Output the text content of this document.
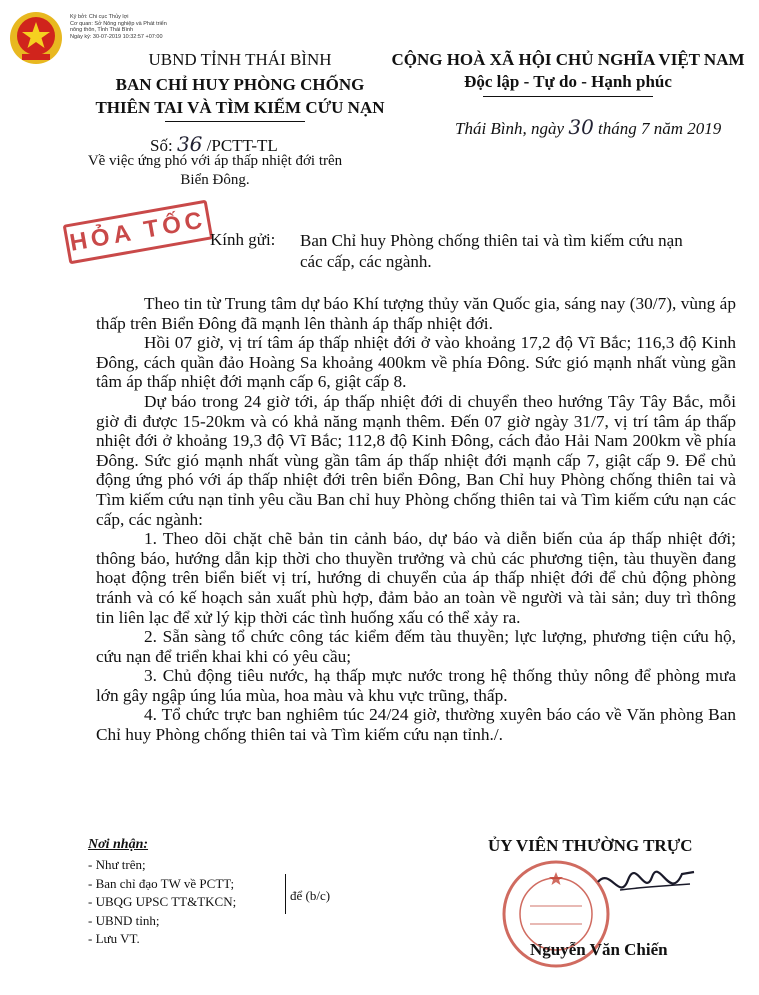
Ký bởi: Chi cục Thủy lợi
Cơ quan: Sở Nông nghiệp và Phát triển nông thôn, Tỉnh Thái Bình
Ngày ký: 30-07-2019 10:32:57 +07:00
UBND TỈNH THÁI BÌNH
BAN CHỈ HUY PHÒNG CHỐNG
THIÊN TAI VÀ TÌM KIẾM CỨU NẠN
CỘNG HOÀ XÃ HỘI CHỦ NGHĨA VIỆT NAM
Độc lập - Tự do - Hạnh phúc
Thái Bình, ngày 30 tháng 7 năm 2019
Số: 36 /PCTT-TL
Về việc ứng phó với áp thấp nhiệt đới trên
Biển Đông.
HỎA TỐC Kính gửi: Ban Chỉ huy Phòng chống thiên tai và tìm kiếm cứu nạn
các cấp, các ngành.

Theo tin từ Trung tâm dự báo Khí tượng thủy văn Quốc gia, sáng nay (30/7), vùng áp thấp trên Biển Đông đã mạnh lên thành áp thấp nhiệt đới.

Hồi 07 giờ, vị trí tâm áp thấp nhiệt đới ở vào khoảng 17,2 độ Vĩ Bắc; 116,3 độ Kinh Đông, cách quần đảo Hoàng Sa khoảng 400km về phía Đông. Sức gió mạnh nhất vùng gần tâm áp thấp nhiệt đới mạnh cấp 6, giật cấp 8.

Dự báo trong 24 giờ tới, áp thấp nhiệt đới di chuyển theo hướng Tây Tây Bắc, mỗi giờ đi được 15-20km và có khả năng mạnh thêm. Đến 07 giờ ngày 31/7, vị trí tâm áp thấp nhiệt đới ở khoảng 19,3 độ Vĩ Bắc; 112,8 độ Kinh Đông, cách đảo Hải Nam 200km về phía Đông. Sức gió mạnh nhất vùng gần tâm áp thấp nhiệt đới mạnh cấp 7, giật cấp 9. Để chủ động ứng phó với áp thấp nhiệt đới trên biển Đông, Ban Chỉ huy Phòng chống thiên tai và Tìm kiếm cứu nạn tỉnh yêu cầu Ban chỉ huy Phòng chống thiên tai và Tìm kiếm cứu nạn các cấp, các ngành:

1. Theo dõi chặt chẽ bản tin cảnh báo, dự báo và diễn biến của áp thấp nhiệt đới; thông báo, hướng dẫn kịp thời cho thuyền trưởng và chủ các phương tiện, tàu thuyền đang hoạt động trên biển biết vị trí, hướng di chuyển của áp thấp nhiệt đới để chủ động phòng tránh và có kế hoạch sản xuất phù hợp, đảm bảo an toàn về người và tài sản; duy trì thông tin liên lạc để xử lý kịp thời các tình huống xấu có thể xảy ra.

2. Sẵn sàng tổ chức công tác kiểm đếm tàu thuyền; lực lượng, phương tiện cứu hộ, cứu nạn để triển khai khi có yêu cầu;

3. Chủ động tiêu nước, hạ thấp mực nước trong hệ thống thủy nông để phòng mưa lớn gây ngập úng lúa mùa, hoa màu và khu vực trũng, thấp.

4. Tổ chức trực ban nghiêm túc 24/24 giờ, thường xuyên báo cáo về Văn phòng Ban Chỉ huy Phòng chống thiên tai và Tìm kiếm cứu nạn tỉnh./.

Nơi nhận:
- Như trên;
- Ban chỉ đạo TW về PCTT;
- UBQG UPSC TT&TKCN;
- UBND tỉnh;
- Lưu VT.
để (b/c)
ỦY VIÊN THƯỜNG TRỰC
Nguyễn Văn Chiến
